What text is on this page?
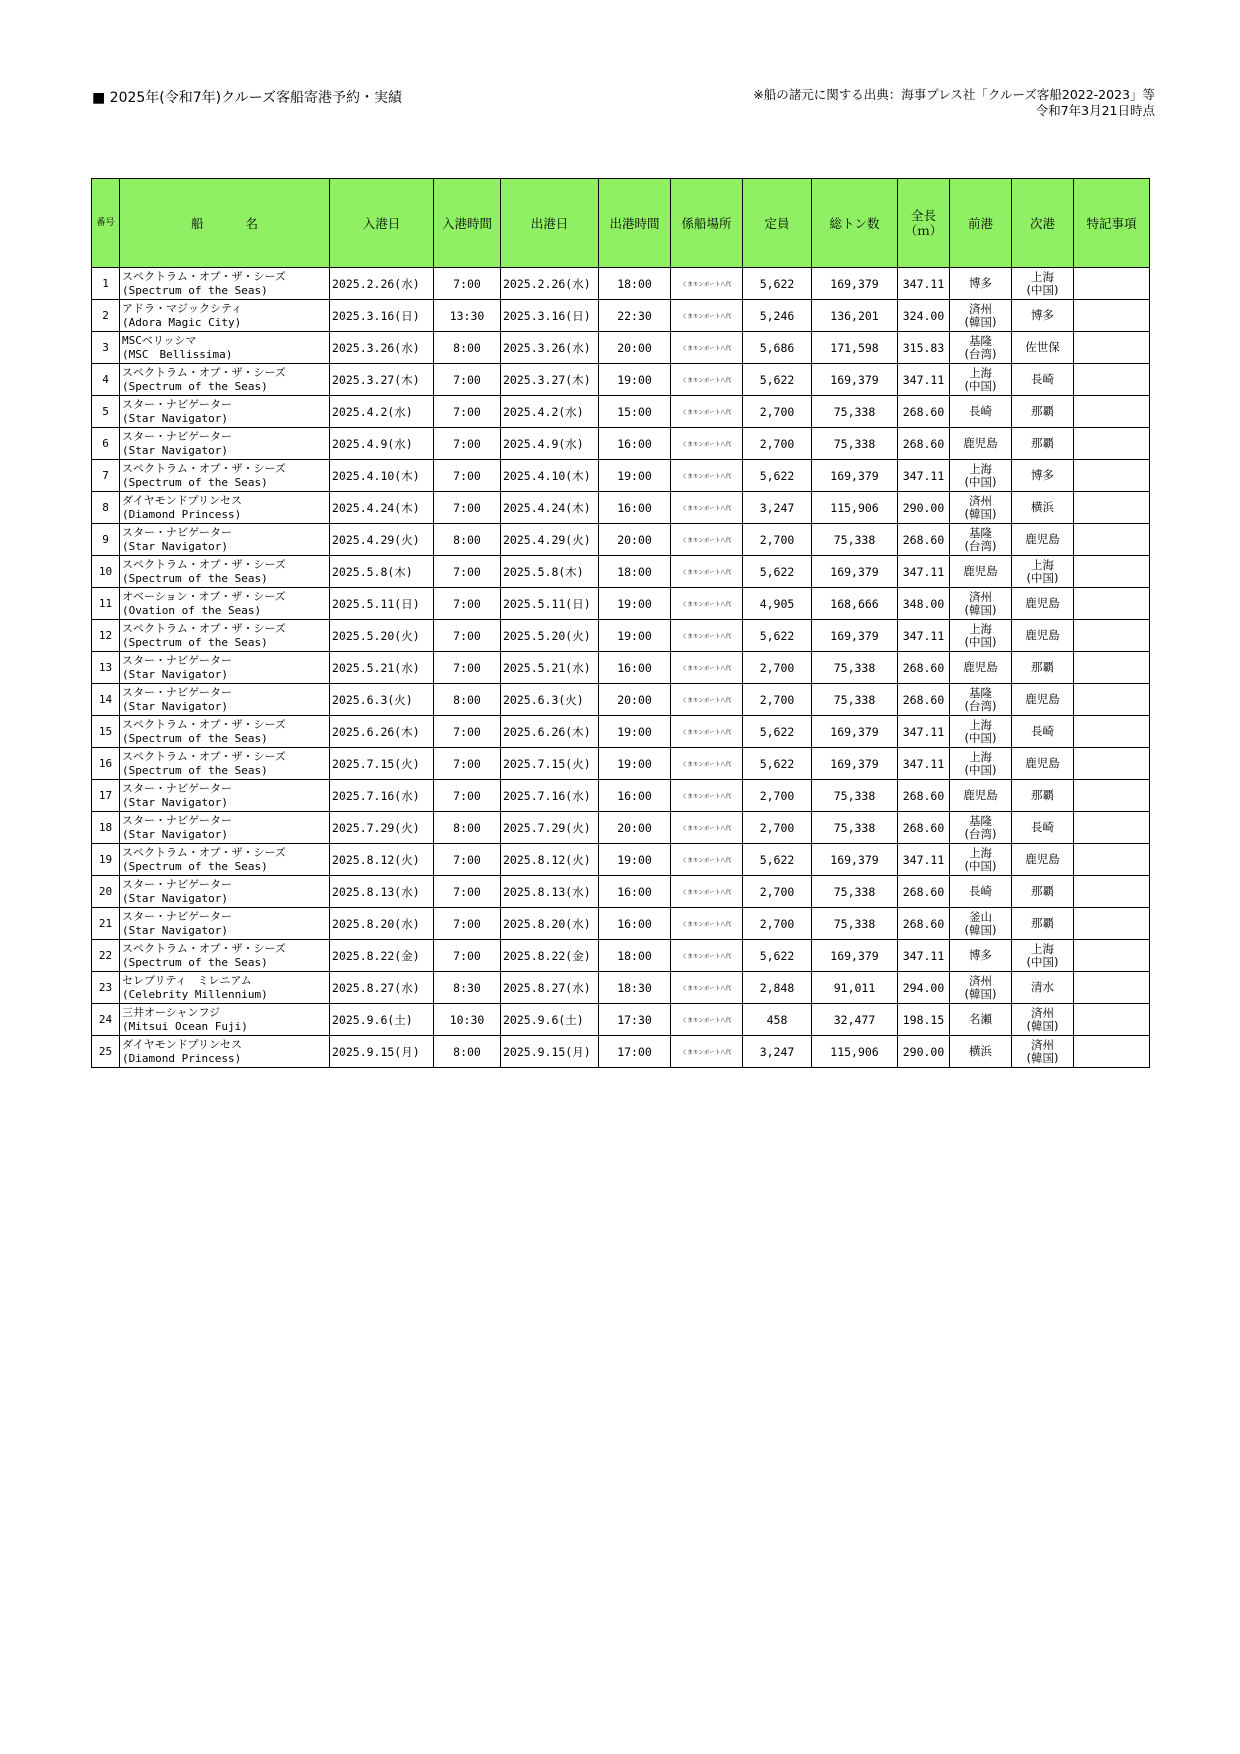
■ 2025年(令和7年)クルーズ客船寄港予約・実績	※船の諸元に関する出典：海事プレス社「クルーズ客船2022-2023」等
令和7年3月21日時点
番号	船名	入港日	入港時間	出港日	出港時間	係船場所	定員	総トン数	全長
（ｍ）	前港	次港	特記事項
1	スペクトラム・オブ・ザ・シーズ
(Spectrum of the Seas)	2025.2.26(水)	7:00	2025.2.26(水)	18:00	くまモンポート八代	5,622	169,379	347.11	博多	上海
(中国)	

2	アドラ・マジックシティ
(Adora Magic City)	2025.3.16(日)	13:30	2025.3.16(日)	22:30	くまモンポート八代	5,246	136,201	324.00	済州
(韓国)	博多	

3	MSCベリッシマ
(MSC　Bellissima)	2025.3.26(水)	8:00	2025.3.26(水)	20:00	くまモンポート八代	5,686	171,598	315.83	基隆
(台湾)	佐世保	

4	スペクトラム・オブ・ザ・シーズ
(Spectrum of the Seas)	2025.3.27(木)	7:00	2025.3.27(木)	19:00	くまモンポート八代	5,622	169,379	347.11	上海
(中国)	長崎	

5	スター・ナビゲーター
(Star Navigator)	2025.4.2(水)	7:00	2025.4.2(水)	15:00	くまモンポート八代	2,700	75,338	268.60	長崎	那覇	

6	スター・ナビゲーター
(Star Navigator)	2025.4.9(水)	7:00	2025.4.9(水)	16:00	くまモンポート八代	2,700	75,338	268.60	鹿児島	那覇	

7	スペクトラム・オブ・ザ・シーズ
(Spectrum of the Seas)	2025.4.10(木)	7:00	2025.4.10(木)	19:00	くまモンポート八代	5,622	169,379	347.11	上海
(中国)	博多	

8	ダイヤモンドプリンセス
(Diamond Princess)	2025.4.24(木)	7:00	2025.4.24(木)	16:00	くまモンポート八代	3,247	115,906	290.00	済州
(韓国)	横浜	

9	スター・ナビゲーター
(Star Navigator)	2025.4.29(火)	8:00	2025.4.29(火)	20:00	くまモンポート八代	2,700	75,338	268.60	基隆
(台湾)	鹿児島	

10	スペクトラム・オブ・ザ・シーズ
(Spectrum of the Seas)	2025.5.8(木)	7:00	2025.5.8(木)	18:00	くまモンポート八代	5,622	169,379	347.11	鹿児島	上海
(中国)	

11	オベーション・オブ・ザ・シーズ
(Ovation of the Seas)	2025.5.11(日)	7:00	2025.5.11(日)	19:00	くまモンポート八代	4,905	168,666	348.00	済州
(韓国)	鹿児島	

12	スペクトラム・オブ・ザ・シーズ
(Spectrum of the Seas)	2025.5.20(火)	7:00	2025.5.20(火)	19:00	くまモンポート八代	5,622	169,379	347.11	上海
(中国)	鹿児島	

13	スター・ナビゲーター
(Star Navigator)	2025.5.21(水)	7:00	2025.5.21(水)	16:00	くまモンポート八代	2,700	75,338	268.60	鹿児島	那覇	

14	スター・ナビゲーター
(Star Navigator)	2025.6.3(火)	8:00	2025.6.3(火)	20:00	くまモンポート八代	2,700	75,338	268.60	基隆
(台湾)	鹿児島	

15	スペクトラム・オブ・ザ・シーズ
(Spectrum of the Seas)	2025.6.26(木)	7:00	2025.6.26(木)	19:00	くまモンポート八代	5,622	169,379	347.11	上海
(中国)	長崎	

16	スペクトラム・オブ・ザ・シーズ
(Spectrum of the Seas)	2025.7.15(火)	7:00	2025.7.15(火)	19:00	くまモンポート八代	5,622	169,379	347.11	上海
(中国)	鹿児島	

17	スター・ナビゲーター
(Star Navigator)	2025.7.16(水)	7:00	2025.7.16(水)	16:00	くまモンポート八代	2,700	75,338	268.60	鹿児島	那覇	

18	スター・ナビゲーター
(Star Navigator)	2025.7.29(火)	8:00	2025.7.29(火)	20:00	くまモンポート八代	2,700	75,338	268.60	基隆
(台湾)	長崎	

19	スペクトラム・オブ・ザ・シーズ
(Spectrum of the Seas)	2025.8.12(火)	7:00	2025.8.12(火)	19:00	くまモンポート八代	5,622	169,379	347.11	上海
(中国)	鹿児島	

20	スター・ナビゲーター
(Star Navigator)	2025.8.13(水)	7:00	2025.8.13(水)	16:00	くまモンポート八代	2,700	75,338	268.60	長崎	那覇	

21	スター・ナビゲーター
(Star Navigator)	2025.8.20(水)	7:00	2025.8.20(水)	16:00	くまモンポート八代	2,700	75,338	268.60	釜山
(韓国)	那覇	

22	スペクトラム・オブ・ザ・シーズ
(Spectrum of the Seas)	2025.8.22(金)	7:00	2025.8.22(金)	18:00	くまモンポート八代	5,622	169,379	347.11	博多	上海
(中国)	

23	セレブリティ　ミレニアム
(Celebrity Millennium)	2025.8.27(水)	8:30	2025.8.27(水)	18:30	くまモンポート八代	2,848	91,011	294.00	済州
(韓国)	清水	

24	三井オーシャンフジ
(Mitsui Ocean Fuji)	2025.9.6(土)	10:30	2025.9.6(土)	17:30	くまモンポート八代	458	32,477	198.15	名瀬	済州
(韓国)	

25	ダイヤモンドプリンセス
(Diamond Princess)	2025.9.15(月)	8:00	2025.9.15(月)	17:00	くまモンポート八代	3,247	115,906	290.00	横浜	済州
(韓国)	
